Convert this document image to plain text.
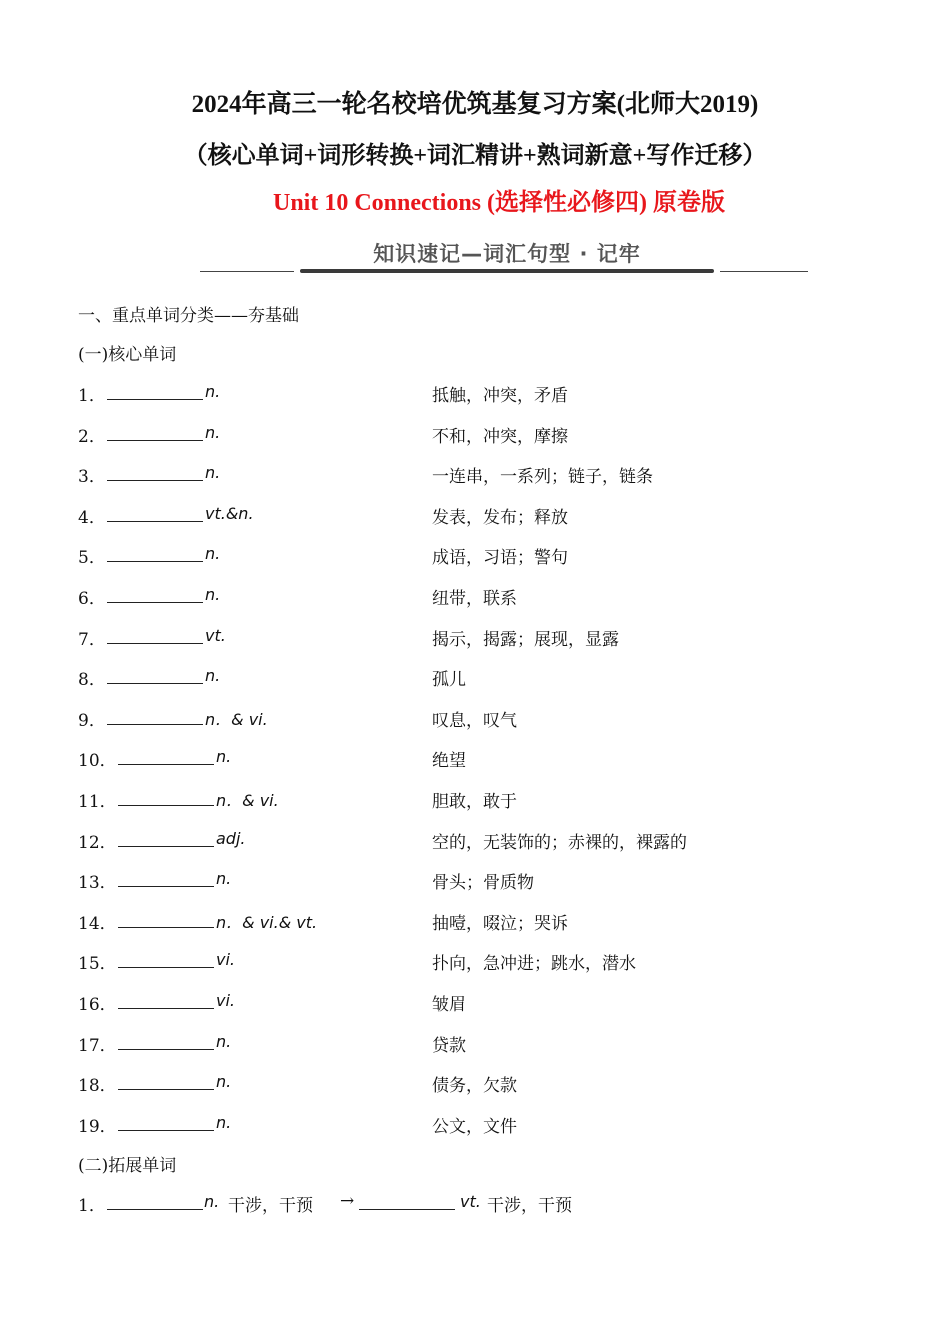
2024年高三一轮名校培优筑基复习方案(北师大2019)
（核心单词+词形转换+词汇精讲+熟词新意+写作迁移）
Unit 10 Connections (选择性必修四) 原卷版
知识速记—词汇句型 · 记牢
一、重点单词分类——夯基础
(一)核心单词
1．	n.	抵触，冲突，矛盾
2．	n.	不和，冲突，摩擦
3．	n.	一连串，一系列；链子，链条
4．	vt.&n.	发表，发布；释放
5．	n.	成语，习语；警句
6．	n.	纽带，联系
7．	vt.	揭示，揭露；展现，显露
8．	n.	孤儿
9．	n．& vi.	叹息，叹气
10．	n.	绝望
11．	n．& vi.	胆敢，敢于
12．	adj.	空的，无装饰的；赤裸的，裸露的
13．	n.	骨头；骨质物
14．	n．& vi.& vt.	抽噎，啜泣；哭诉
15．	vi.	扑向，急冲进；跳水，潜水
16．	vi.	皱眉
17．	n.	贷款
18．	n.	债务，欠款
19．	n.	公文，文件
(二)拓展单词
1．	n. 干涉，干预 →	vt. 干涉，干预
